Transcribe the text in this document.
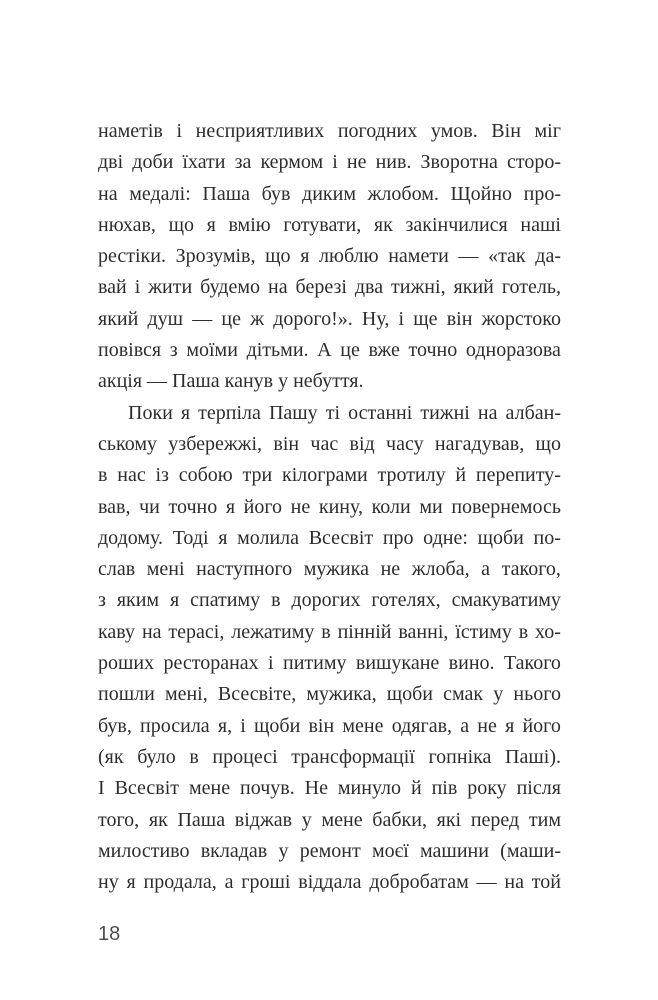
наметів і несприятливих погодних умов. Він міг
дві доби їхати за кермом і не нив. Зворотна сторо-
на медалі: Паша був диким жлобом. Щойно про-
нюхав, що я вмію готувати, як закінчилися наші
рестіки. Зрозумів, що я люблю намети — «так да-
вай і жити будемо на березі два тижні, який готель,
який душ — це ж дорого!». Ну, і ще він жорстоко
повівся з моїми дітьми. А це вже точно одноразова
акція — Паша канув у небуття.
Поки я терпіла Пашу ті останні тижні на албан-
ському узбережжі, він час від часу нагадував, що
в нас із собою три кілограми тротилу й перепиту-
вав, чи точно я його не кину, коли ми повернемось
додому. Тоді я молила Всесвіт про одне: щоби по-
слав мені наступного мужика не жлоба, а такого,
з яким я спатиму в дорогих готелях, смакуватиму
каву на терасі, лежатиму в пінній ванні, їстиму в хо-
роших ресторанах і питиму вишукане вино. Такого
пошли мені, Всесвіте, мужика, щоби смак у нього
був, просила я, і щоби він мене одягав, а не я його
(як було в процесі трансформації гопніка Паші).
І Всесвіт мене почув. Не минуло й пів року після
того, як Паша віджав у мене бабки, які перед тим
милостиво вкладав у ремонт моєї машини (маши-
ну я продала, а гроші віддала добробатам — на той
18
